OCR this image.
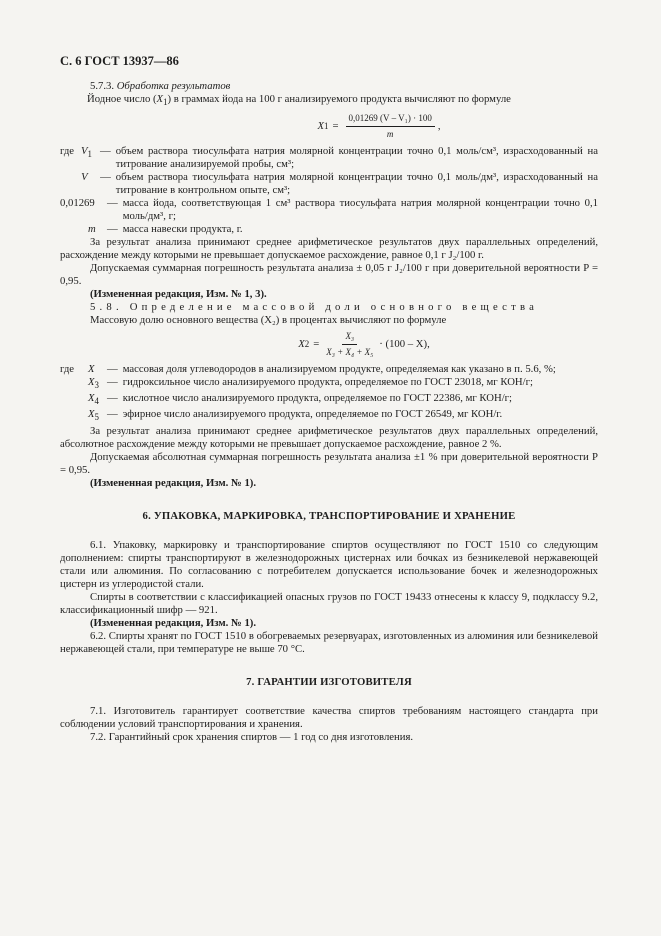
С. 6 ГОСТ 13937—86

5.7.3. Обработка результатов

Йодное число $(X_1)$ в граммах йода на 100 г анализируемого продукта вычисляют по формуле

X $1 = \frac{\text{0,01269 (V – V₁) · 100}}{m}$ ,
где $V_1$ — объем раствора тиосульфата натрия молярной концентрации точно 0,1 моль/см³, израсходованный на титрование анализируемой пробы, см³;
V	— объем раствора тиосульфата натрия молярной концентрации точно 0,1 моль/дм³, израсходованный на титрование в контрольном опыте, см³;
0,01269	— масса йода, соответствующая 1 см³ раствора тиосульфата натрия молярной концентрации точно 0,1 моль/дм³, г;
m	— масса навески продукта, г.

За результат анализа принимают среднее арифметическое результатов двух параллельных определений, расхождение между которыми не превышает допускаемое расхождение, равное 0,1 г J₂/100 г.

Допускаемая суммарная погрешность результата анализа ± 0,05 г J₂/100 г при доверительной вероятности P = 0,95.

(Измененная редакция, Изм. № 1, 3).

5.8. Определение массовой доли основного вещества

Массовую долю основного вещества (X₂) в процентах вычисляют по формуле

X $2 = \frac{\text{X₃}}{\text{X₃ + X₄ + X₅}} \cdot (100 - X)$,
где	X	— массовая доля углеводородов в анализируемом продукте, определяемая как указано в п. 5.6, %;
$X_3$ — гидроксильное число анализируемого продукта, определяемое по ГОСТ 23018, мг КОН/г;
$X_4$ — кислотное число анализируемого продукта, определяемое по ГОСТ 22386, мг КОН/г;
$X_5$ — эфирное число анализируемого продукта, определяемое по ГОСТ 26549, мг КОН/г.

За результат анализа принимают среднее арифметическое результатов двух параллельных определений, абсолютное расхождение между которыми не превышает допускаемое расхождение, равное 2 %.

Допускаемая абсолютная суммарная погрешность результата анализа ±1 % при доверительной вероятности P = 0,95.

(Измененная редакция, Изм. № 1).

6. УПАКОВКА, МАРКИРОВКА, ТРАНСПОРТИРОВАНИЕ И ХРАНЕНИЕ

6.1. Упаковку, маркировку и транспортирование спиртов осуществляют по ГОСТ 1510 со следующим дополнением: спирты транспортируют в железнодорожных цистернах или бочках из безникелевой нержавеющей стали или алюминия. По согласованию с потребителем допускается использование бочек и железнодорожных цистерн из углеродистой стали.

Спирты в соответствии с классификацией опасных грузов по ГОСТ 19433 отнесены к классу 9, подклассу 9.2, классификационный шифр — 921.

(Измененная редакция, Изм. № 1).

6.2. Спирты хранят по ГОСТ 1510 в обогреваемых резервуарах, изготовленных из алюминия или безникелевой нержавеющей стали, при температуре не выше 70 °С.

7. ГАРАНТИИ ИЗГОТОВИТЕЛЯ

7.1. Изготовитель гарантирует соответствие качества спиртов требованиям настоящего стандарта при соблюдении условий транспортирования и хранения.

7.2. Гарантийный срок хранения спиртов — 1 год со дня изготовления.
